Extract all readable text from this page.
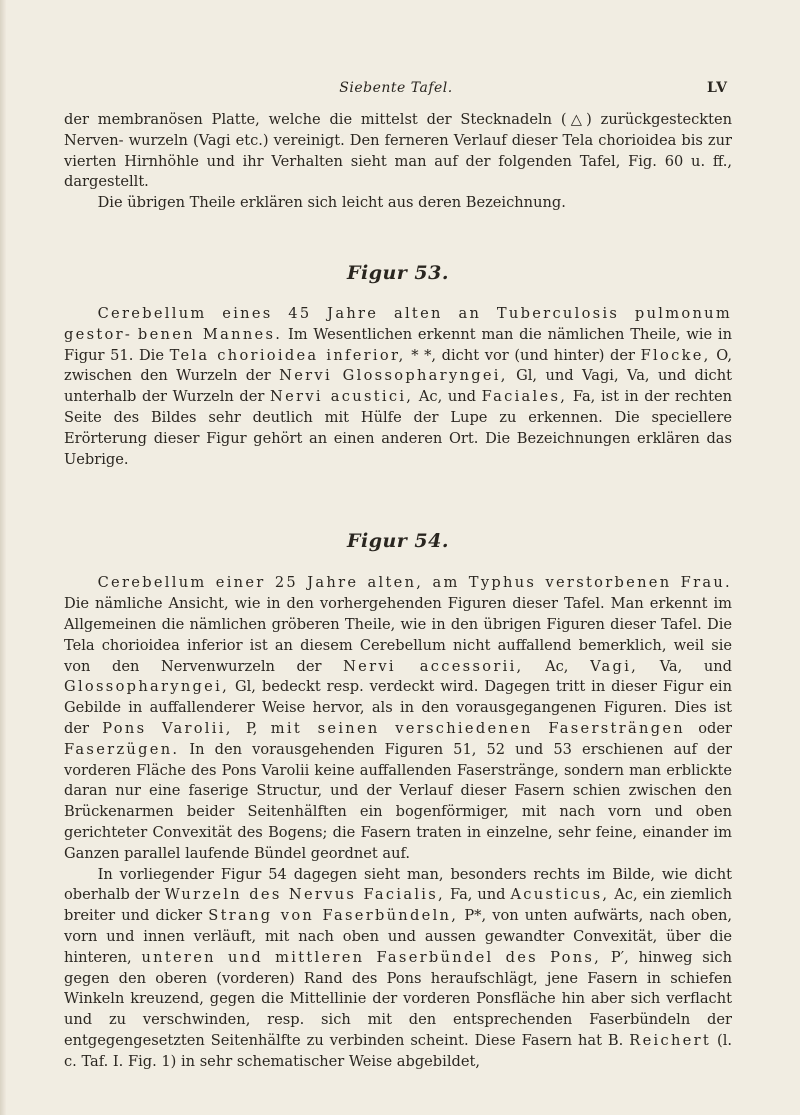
Siebente Tafel.	LV

der membranösen Platte, welche die mittelst der Stecknadeln (△) zurückgesteckten Nerven- wurzeln (Vagi etc.) vereinigt. Den ferneren Verlauf dieser Tela chorioidea bis zur vierten Hirnhöhle und ihr Verhalten sieht man auf der folgenden Tafel, Fig. 60 u. ff., dargestellt.

Die übrigen Theile erklären sich leicht aus deren Bezeichnung.

Figur 53.

Cerebellum eines 45 Jahre alten an Tuberculosis pulmonum gestor- benen Mannes. Im Wesentlichen erkennt man die nämlichen Theile, wie in Figur 51. Die Tela chorioidea inferior, * *, dicht vor (und hinter) der Flocke, O, zwischen den Wurzeln der Nervi Glossopharyngei, Gl, und Vagi, Va, und dicht unterhalb der Wurzeln der Nervi acustici, Ac, und Faciales, Fa, ist in der rechten Seite des Bildes sehr deutlich mit Hülfe der Lupe zu erkennen. Die speciellere Erörterung dieser Figur gehört an einen anderen Ort. Die Bezeichnungen erklären das Uebrige.

Figur 54.

Cerebellum einer 25 Jahre alten, am Typhus verstorbenen Frau. Die nämliche Ansicht, wie in den vorhergehenden Figuren dieser Tafel. Man erkennt im Allgemeinen die nämlichen gröberen Theile, wie in den übrigen Figuren dieser Tafel. Die Tela chorioidea inferior ist an diesem Cerebellum nicht auffallend bemerklich, weil sie von den Nervenwurzeln der Nervi accessorii, Ac, Vagi, Va, und Glossopharyngei, Gl, bedeckt resp. verdeckt wird. Dagegen tritt in dieser Figur ein Gebilde in auffallenderer Weise hervor, als in den vorausgegangenen Figuren. Dies ist der Pons Varolii, P, mit seinen verschiedenen Fasersträngen oder Faserzügen. In den vorausgehenden Figuren 51, 52 und 53 erschienen auf der vorderen Fläche des Pons Varolii keine auffallenden Faserstränge, sondern man erblickte daran nur eine faserige Structur, und der Verlauf dieser Fasern schien zwischen den Brückenarmen beider Seitenhälften ein bogenförmiger, mit nach vorn und oben gerichteter Convexität des Bogens; die Fasern traten in einzelne, sehr feine, einander im Ganzen parallel laufende Bündel geordnet auf.

In vorliegender Figur 54 dagegen sieht man, besonders rechts im Bilde, wie dicht oberhalb der Wurzeln des Nervus Facialis, Fa, und Acusticus, Ac, ein ziemlich breiter und dicker Strang von Faserbündeln, P*, von unten aufwärts, nach oben, vorn und innen verläuft, mit nach oben und aussen gewandter Convexität, über die hinteren, unteren und mittleren Faserbündel des Pons, P′, hinweg sich gegen den oberen (vorderen) Rand des Pons heraufschlägt, jene Fasern in schiefen Winkeln kreuzend, gegen die Mittellinie der vorderen Ponsfläche hin aber sich verflacht und zu verschwinden, resp. sich mit den entsprechenden Faserbündeln der entgegengesetzten Seitenhälfte zu verbinden scheint. Diese Fasern hat B. Reichert (l. c. Taf. I. Fig. 1) in sehr schematischer Weise abgebildet,
